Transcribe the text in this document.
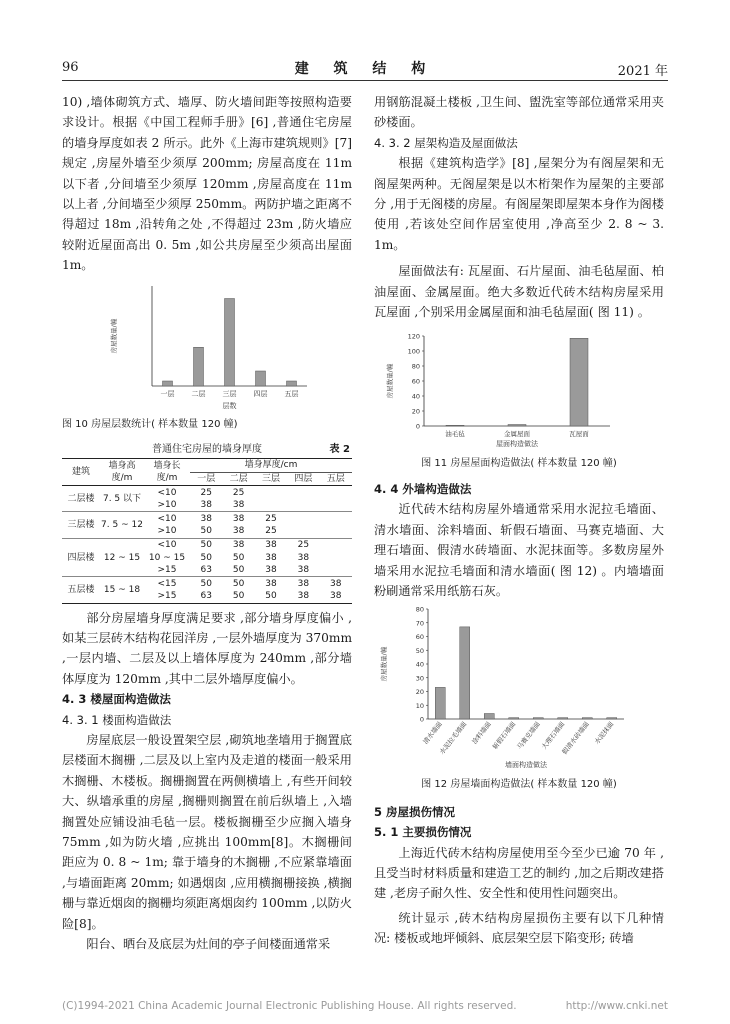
96	建 筑 结 构	2021 年

10) ,墙体砌筑方式、墙厚、防火墙间距等按照构造要求设计。根据《中国工程师手册》[6] ,普通住宅房屋的墙身厚度如表 2 所示。此外《上海市建筑规则》[7] 规定 ,房屋外墙至少须厚 200mm; 房屋高度在 11m 以下者 ,分间墙至少须厚 120mm ,房屋高度在 11m 以上者 ,分间墙至少须厚 250mm。两防护墙之距离不得超过 18m ,沿转角之处 ,不得超过 23m ,防火墙应较附近屋面高出 0. 5m ,如公共房屋至少须高出屋面 1m。

房屋数量/幢
一层 二层 三层 四层 五层
层数
图 10 房屋层数统计( 样本数量 120 幢)
普通住宅房屋的墙身厚度	表 2
建筑	墙身高度/m	墙身长度/m	墙身厚度/cm				
			一层	二层	三层	四层	五层
二层楼	7. 5 以下	<10	25	25			
		>10	38	38			
三层楼	7. 5 ~ 12	<10	38	38	25		
		>10	50	38	25		
四层楼	12 ~ 15	<10	50	38	38	25	
		10 ~ 15	50	50	38	38	
		>15	63	50	38	38	
五层楼	15 ~ 18	<15	50	50	38	38	38
		>15	63	50	50	38	38

部分房屋墙身厚度满足要求 ,部分墙身厚度偏小 ,如某三层砖木结构花园洋房 ,一层外墙厚度为 370mm ,一层内墙、二层及以上墙体厚度为 240mm ,部分墙体厚度为 120mm ,其中二层外墙厚度偏小。

4. 3 楼屋面构造做法

4. 3. 1 楼面构造做法

房屋底层一般设置架空层 ,砌筑地垄墙用于搁置底层楼面木搁栅 ,二层及以上室内及走道的楼面一般采用木搁栅、木楼板。搁栅搁置在两侧横墙上 ,有些开间较大、纵墙承重的房屋 ,搁栅则搁置在前后纵墙上 ,入墙搁置处应铺设油毛毡一层。楼板搁栅至少应搁入墙身 75mm ,如为防火墙 ,应挑出 100mm[8]。木搁栅间距应为 0. 8 ~ 1m; 靠于墙身的木搁栅 ,不应紧靠墙面 ,与墙面距离 20mm; 如遇烟囱 ,应用横搁栅接换 ,横搁栅与靠近烟囱的搁栅均须距离烟囱约 100mm ,以防火险[8]。

阳台、晒台及底层为灶间的亭子间楼面通常采

用钢筋混凝土楼板 ,卫生间、盥洗室等部位通常采用夹砂楼面。

4. 3. 2 屋架构造及屋面做法

根据《建筑构造学》[8] ,屋架分为有阁屋架和无阁屋架两种。无阁屋架是以木桁架作为屋架的主要部分 ,用于无阁楼的房屋。有阁屋架即屋架本身作为阁楼使用 ,若该处空间作居室使用 ,净高至少 2. 8 ~ 3. 1m。

屋面做法有: 瓦屋面、石片屋面、油毛毡屋面、柏油屋面、金属屋面。绝大多数近代砖木结构房屋采用瓦屋面 ,个别采用金属屋面和油毛毡屋面( 图 11) 。

0
20
40
60
80
100
120
房屋数量/幢
油毛毡	金属屋面	瓦屋面
屋面构造做法
图 11 房屋屋面构造做法( 样本数量 120 幢)

4. 4 外墙构造做法

近代砖木结构房屋外墙通常采用水泥拉毛墙面、清水墙面、涂料墙面、斩假石墙面、马赛克墙面、大理石墙面、假清水砖墙面、水泥抹面等。多数房屋外墙采用水泥拉毛墙面和清水墙面( 图 12) 。内墙墙面粉刷通常采用纸筋石灰。

0
10
20
30
40
50
60
70
80
房屋数量/幢
清水墙面
水泥拉毛墙面 涂料墙面
斩假石墙面
马赛克墙面
大理石墙面
假清水砖墙面 水泥抹面
墙面构造做法
图 12 房屋墙面构造做法( 样本数量 120 幢)

5 房屋损伤情况

5. 1 主要损伤情况

上海近代砖木结构房屋使用至今至少已逾 70 年 ,且受当时材料质量和建造工艺的制约 ,加之后期改建搭建 ,老房子耐久性、安全性和使用性问题突出。

统计显示 ,砖木结构房屋损伤主要有以下几种情况: 楼板或地坪倾斜、底层架空层下陷变形; 砖墙

(C)1994-2021 China Academic Journal Electronic Publishing House. All rights reserved.	http://www.cnki.net
